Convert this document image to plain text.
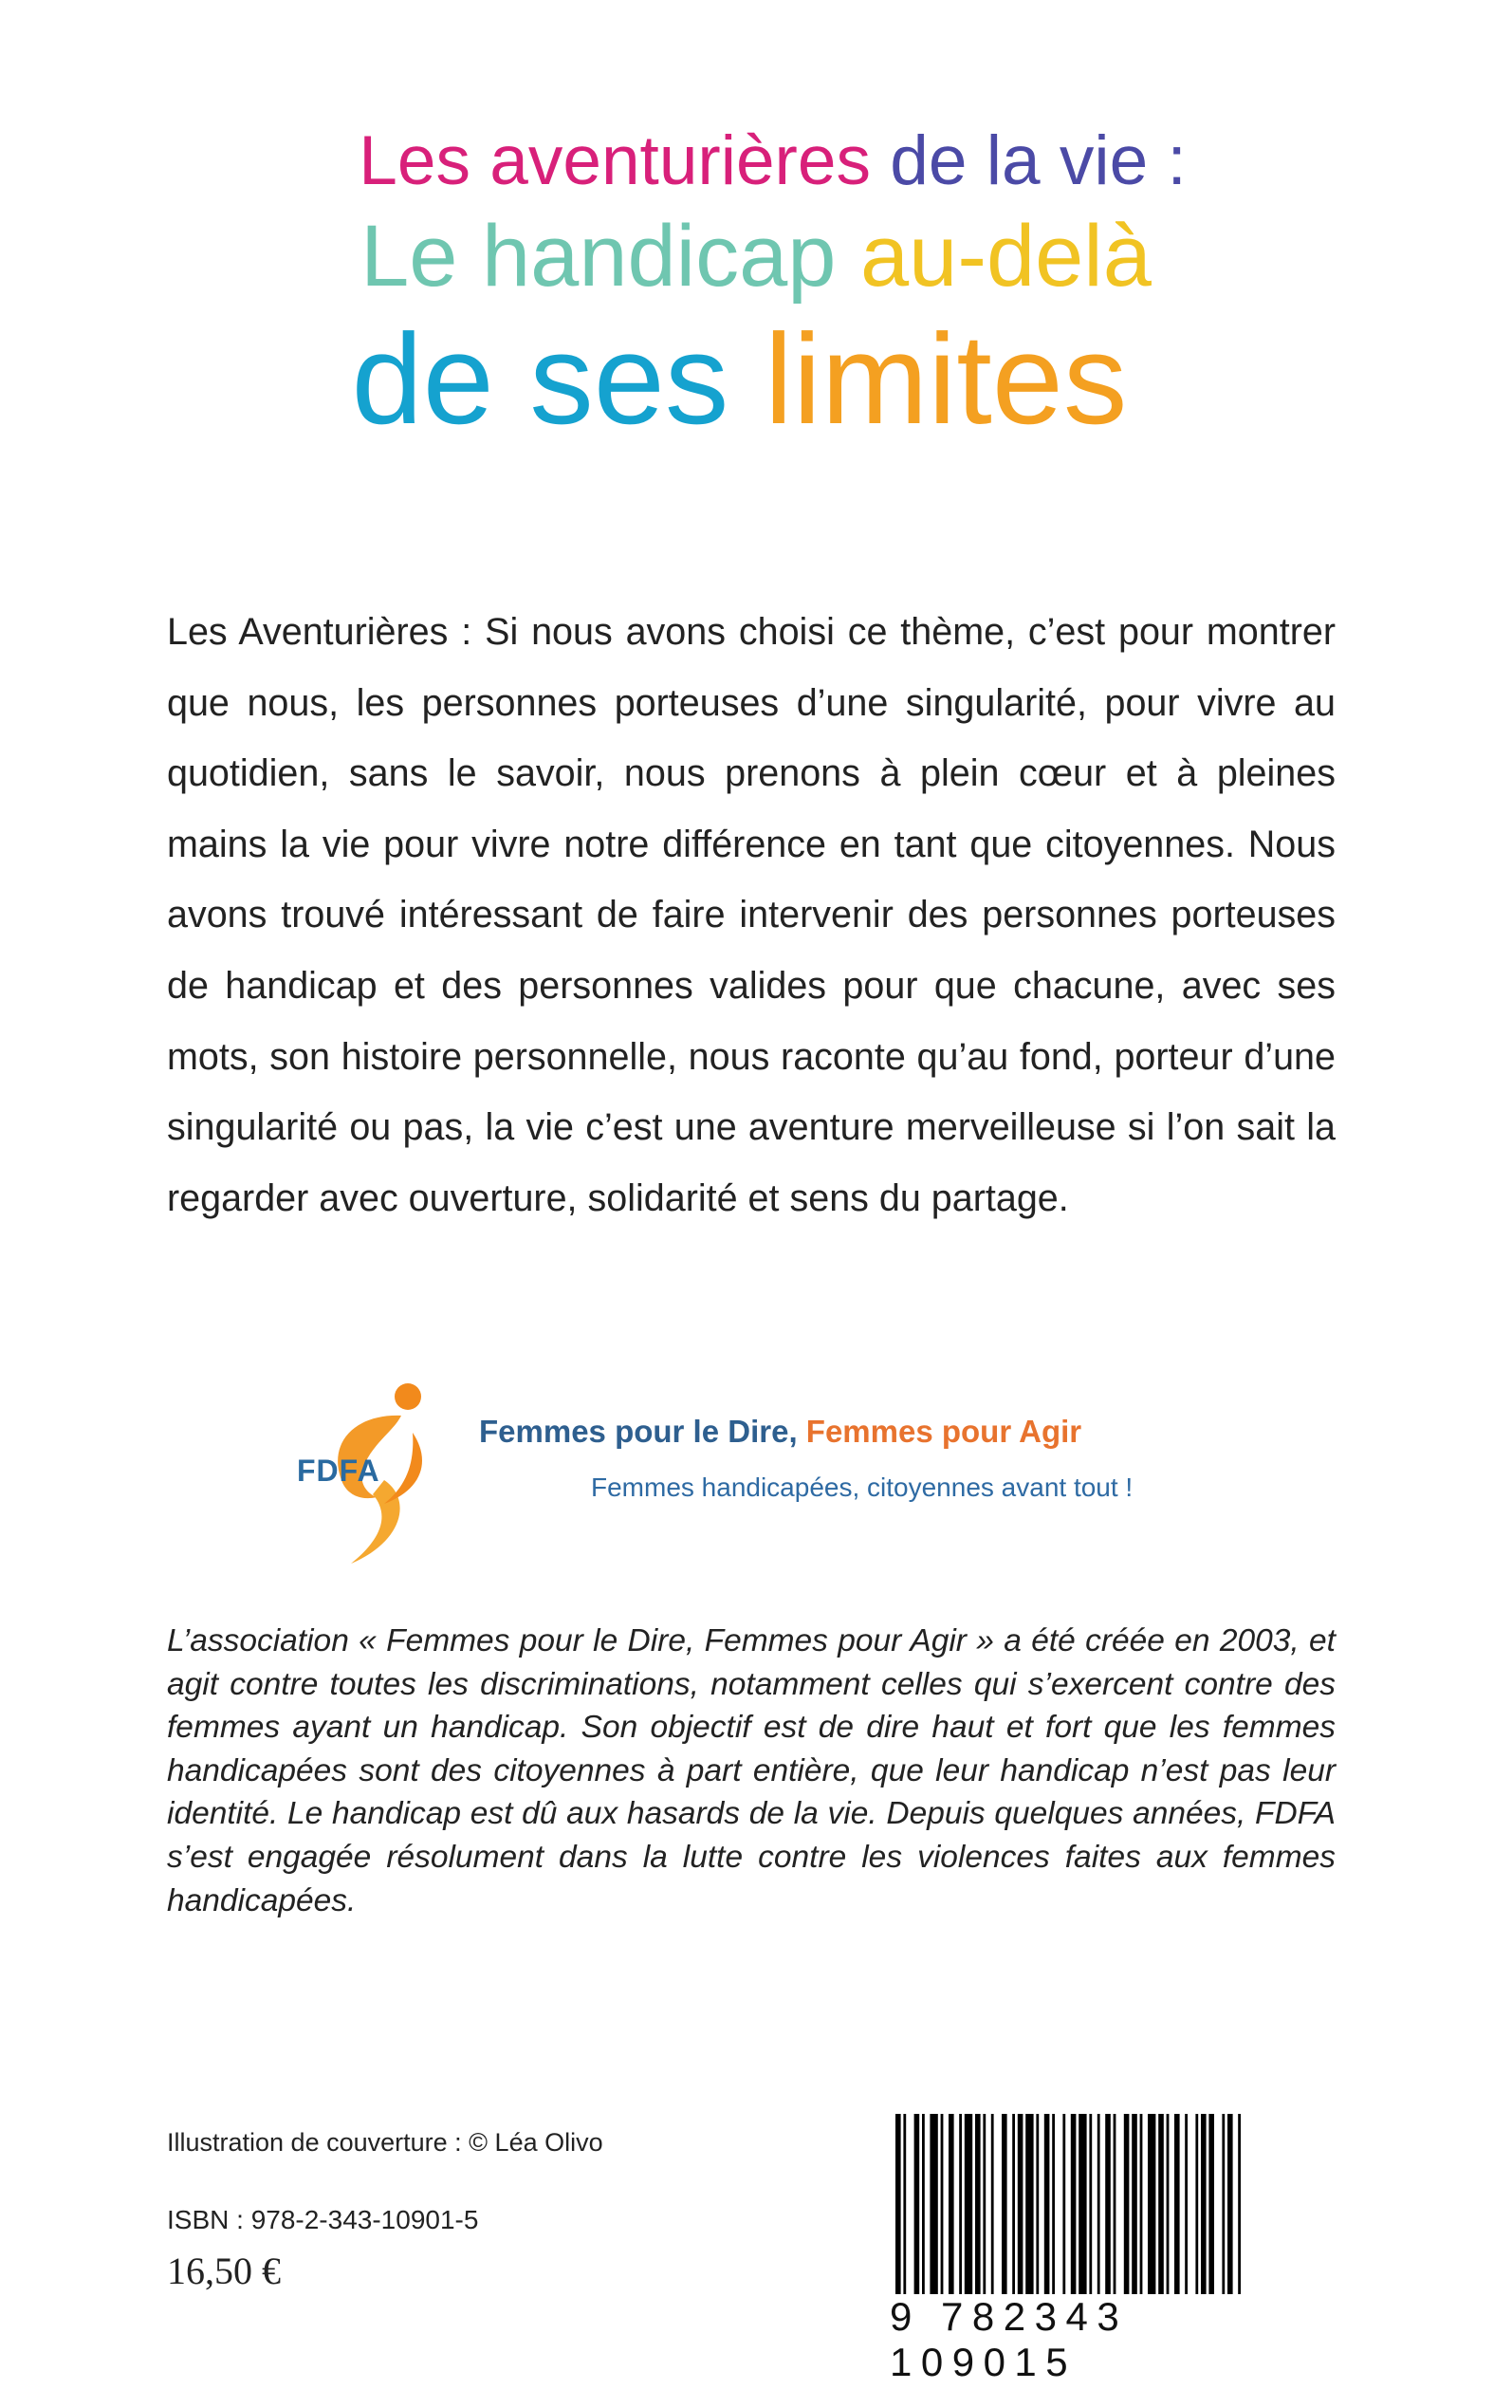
Les aventurières de la vie :
Le handicap au-delà
de ses limites
Les Aventurières : Si nous avons choisi ce thème, c’est pour montrer que nous, les personnes porteuses d’une singularité, pour vivre au quotidien, sans le savoir, nous prenons à plein cœur et à pleines mains la vie pour vivre notre différence en tant que citoyennes. Nous avons trouvé intéressant de faire intervenir des personnes porteuses de handicap et des personnes valides pour que chacune, avec ses mots, son histoire personnelle, nous raconte qu’au fond, porteur d’une singularité ou pas, la vie c’est une aventure merveilleuse si l’on sait la regarder avec ouverture, solidarité et sens du partage.
FDFA
Femmes pour le Dire, Femmes pour Agir
Femmes handicapées, citoyennes avant tout !
L’association « Femmes pour le Dire, Femmes pour Agir » a été créée en 2003, et agit contre toutes les discriminations, notamment celles qui s’exercent contre des femmes ayant un handicap. Son objectif est de dire haut et fort que les femmes handicapées sont des citoyennes à part entière, que leur handicap n’est pas leur identité. Le handicap est dû aux hasards de la vie. Depuis quelques années, FDFA s’est engagée résolument dans la lutte contre les violences faites aux femmes handicapées.
Illustration de couverture : © Léa Olivo
ISBN : 978-2-343-10901-5
16,50 €
9 782343 109015
